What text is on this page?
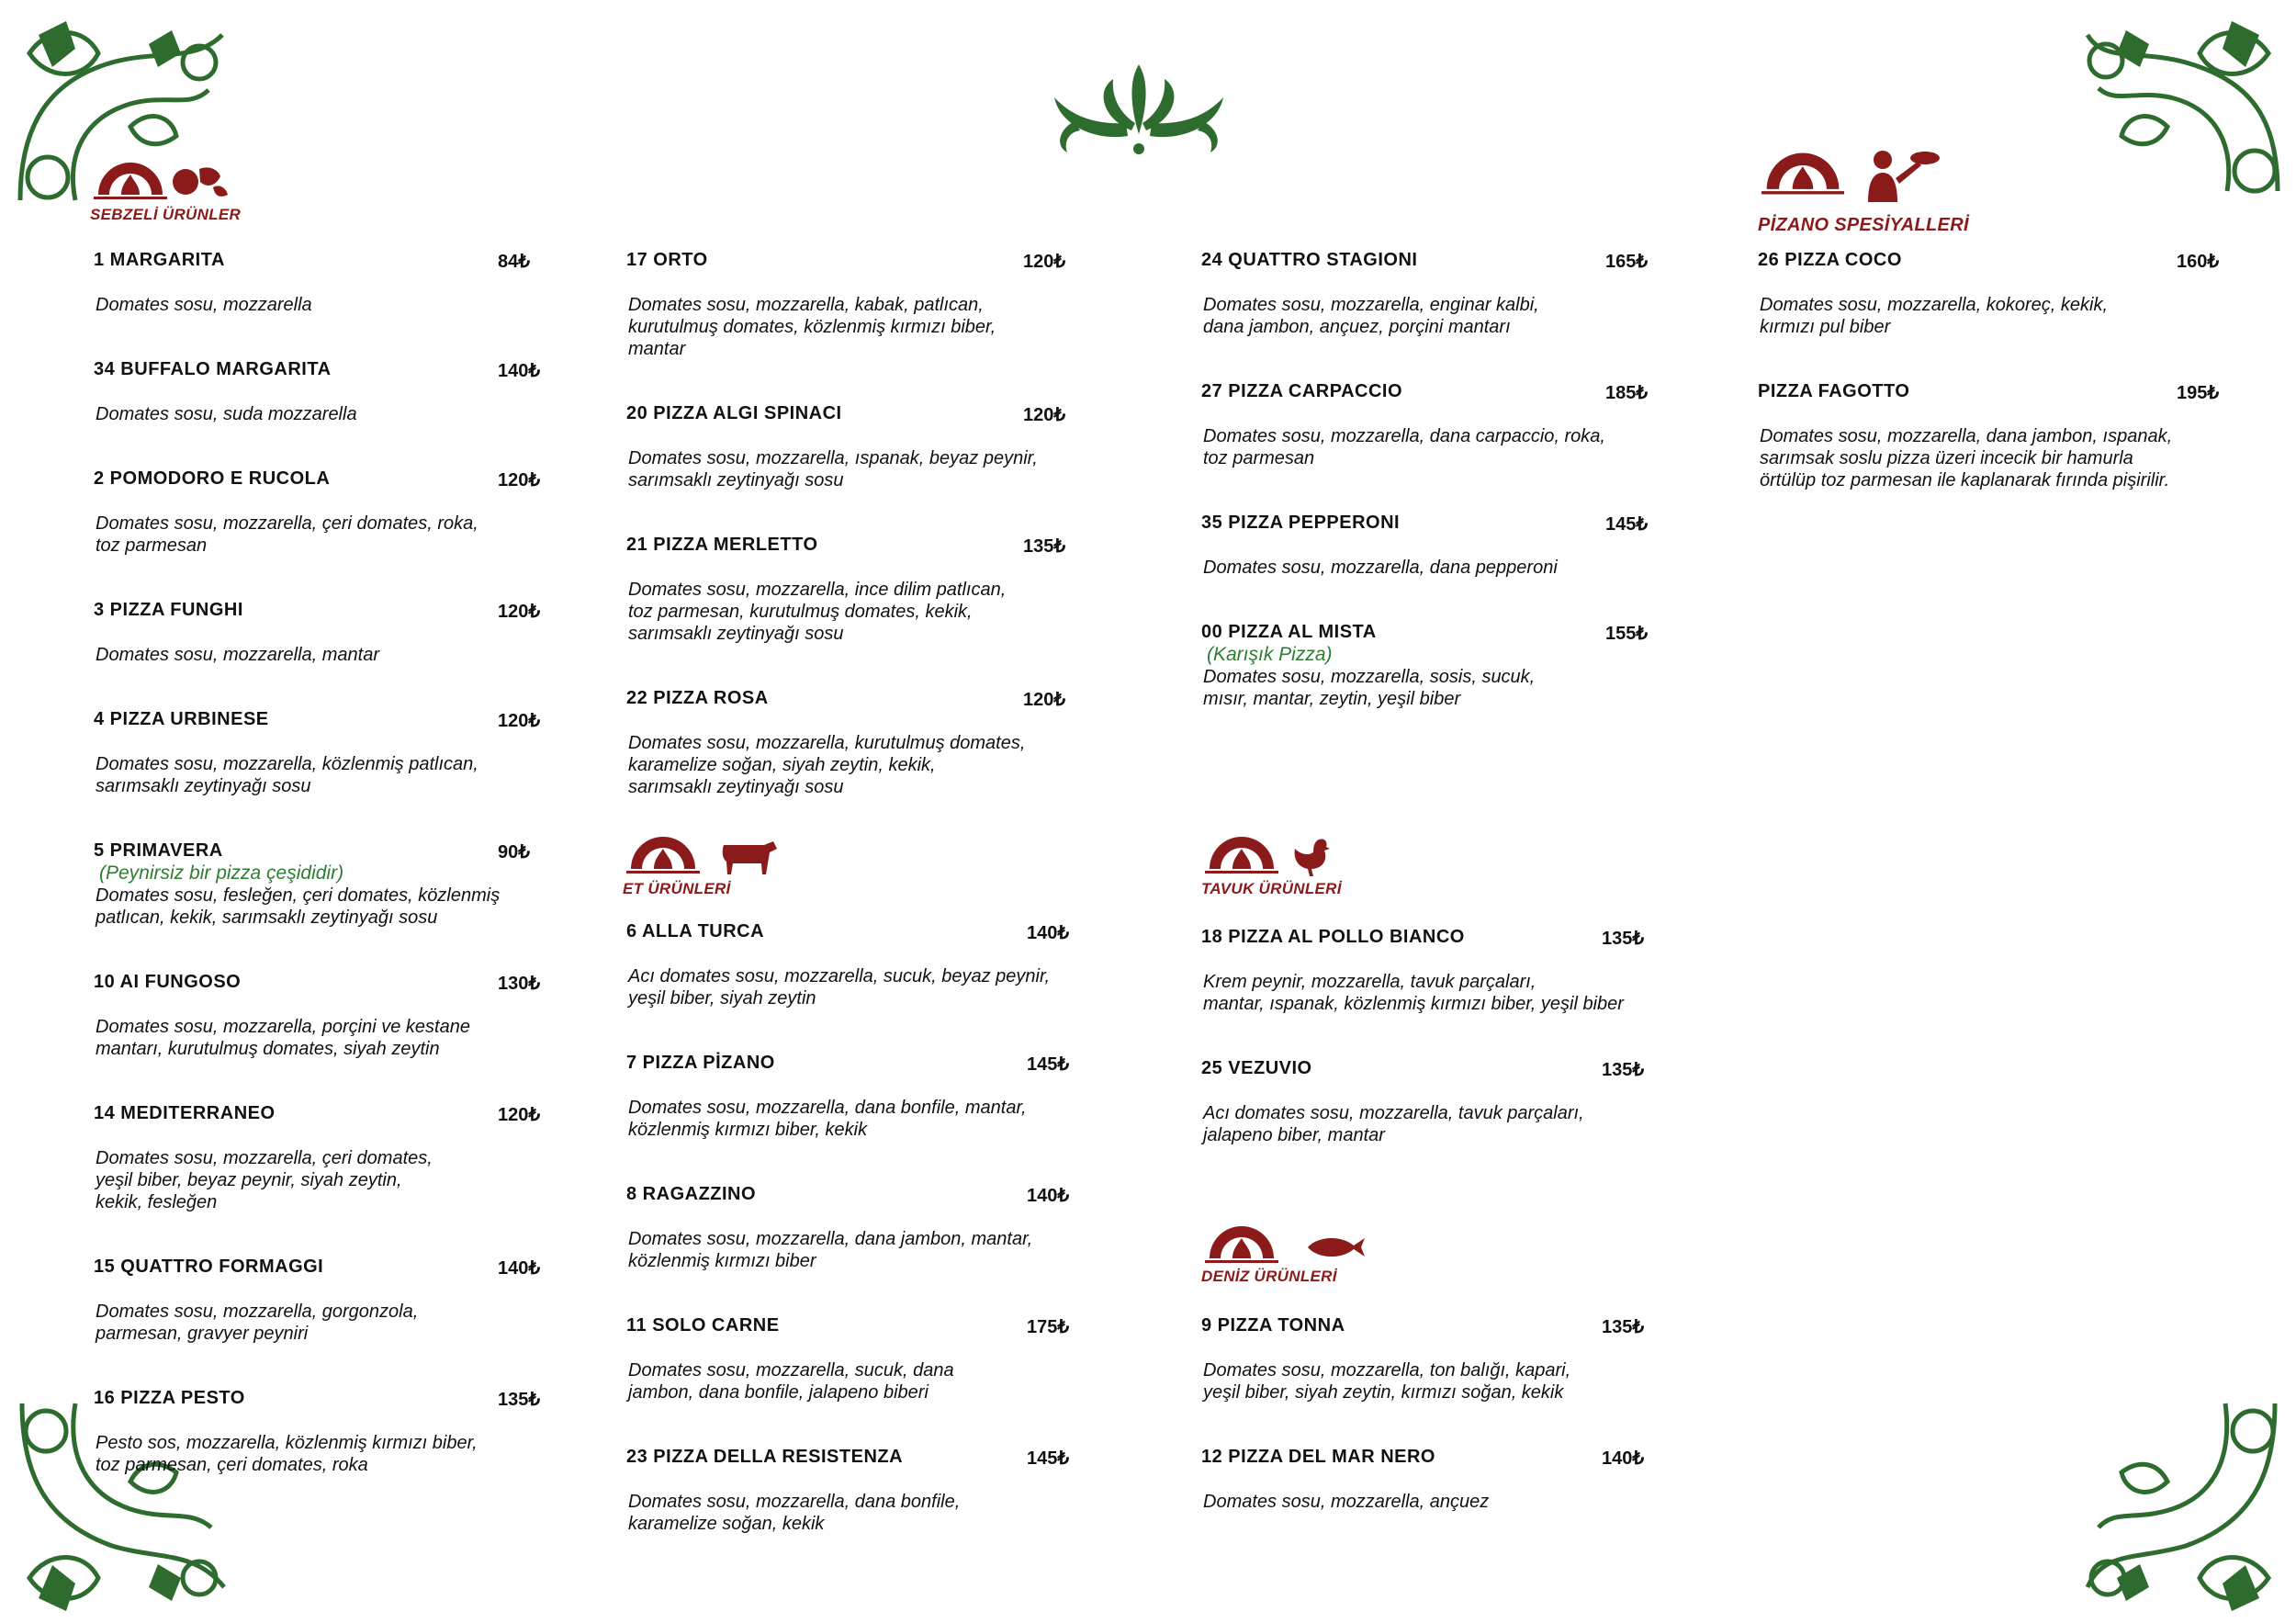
SEBZELİ ÜRÜNLER
ET ÜRÜNLERİ	TAVUK ÜRÜNLERİ
DENİZ ÜRÜNLERİ
PİZANO SPESİYALLERİ
1 MARGARITA	84₺
Domates sosu, mozzarella
34 BUFFALO MARGARITA	140₺
Domates sosu, suda mozzarella
2 POMODORO E RUCOLA	120₺
Domates sosu, mozzarella, çeri domates, roka,
toz parmesan
3 PIZZA FUNGHI	120₺
Domates sosu, mozzarella, mantar
4 PIZZA URBINESE	120₺
Domates sosu, mozzarella, közlenmiş patlıcan,
sarımsaklı zeytinyağı sosu
5 PRIMAVERA	90₺
(Peynirsiz bir pizza çeşididir)
Domates sosu, fesleğen, çeri domates, közlenmiş
patlıcan, kekik, sarımsaklı zeytinyağı sosu
10 AI FUNGOSO	130₺
Domates sosu, mozzarella, porçini ve kestane
mantarı, kurutulmuş domates, siyah zeytin
14 MEDITERRANEO	120₺
Domates sosu, mozzarella, çeri domates,
yeşil biber, beyaz peynir, siyah zeytin,
kekik, fesleğen
15 QUATTRO FORMAGGI	140₺
Domates sosu, mozzarella, gorgonzola,
parmesan, gravyer peyniri
16 PIZZA PESTO	135₺
Pesto sos, mozzarella, közlenmiş kırmızı biber,
toz parmesan, çeri domates, roka
17 ORTO	120₺
Domates sosu, mozzarella, kabak, patlıcan,
kurutulmuş domates, közlenmiş kırmızı biber,
mantar
20 PIZZA ALGI SPINACI	120₺
Domates sosu, mozzarella, ıspanak, beyaz peynir,
sarımsaklı zeytinyağı sosu
21 PIZZA MERLETTO	135₺
Domates sosu, mozzarella, ince dilim patlıcan,
toz parmesan, kurutulmuş domates, kekik,
sarımsaklı zeytinyağı sosu
22 PIZZA ROSA	120₺
Domates sosu, mozzarella, kurutulmuş domates,
karamelize soğan, siyah zeytin, kekik,
sarımsaklı zeytinyağı sosu
6 ALLA TURCA	140₺
Acı domates sosu, mozzarella, sucuk, beyaz peynir,
yeşil biber, siyah zeytin
7 PIZZA PİZANO	145₺
Domates sosu, mozzarella, dana bonfile, mantar,
közlenmiş kırmızı biber, kekik
8 RAGAZZINO	140₺
Domates sosu, mozzarella, dana jambon, mantar,
közlenmiş kırmızı biber
11 SOLO CARNE	175₺
Domates sosu, mozzarella, sucuk, dana
jambon, dana bonfile, jalapeno biberi
23 PIZZA DELLA RESISTENZA	145₺
Domates sosu, mozzarella, dana bonfile,
karamelize soğan, kekik
24 QUATTRO STAGIONI	165₺
Domates sosu, mozzarella, enginar kalbi,
dana jambon, ançuez, porçini mantarı
27 PIZZA CARPACCIO	185₺
Domates sosu, mozzarella, dana carpaccio, roka,
toz parmesan
35 PIZZA PEPPERONI	145₺
Domates sosu, mozzarella, dana pepperoni
00 PIZZA AL MISTA	155₺
(Karışık Pizza)
Domates sosu, mozzarella, sosis, sucuk,
mısır, mantar, zeytin, yeşil biber
18 PIZZA AL POLLO BIANCO	135₺
Krem peynir, mozzarella, tavuk parçaları,
mantar, ıspanak, közlenmiş kırmızı biber, yeşil biber
25 VEZUVIO	135₺
Acı domates sosu, mozzarella, tavuk parçaları,
jalapeno biber, mantar
9 PIZZA TONNA	135₺
Domates sosu, mozzarella, ton balığı, kapari,
yeşil biber, siyah zeytin, kırmızı soğan, kekik
12 PIZZA DEL MAR NERO	140₺
Domates sosu, mozzarella, ançuez
26 PIZZA COCO	160₺
Domates sosu, mozzarella, kokoreç, kekik,
kırmızı pul biber
PIZZA FAGOTTO	195₺
Domates sosu, mozzarella, dana jambon, ıspanak,
sarımsak soslu pizza üzeri incecik bir hamurla
örtülüp toz parmesan ile kaplanarak fırında pişirilir.
